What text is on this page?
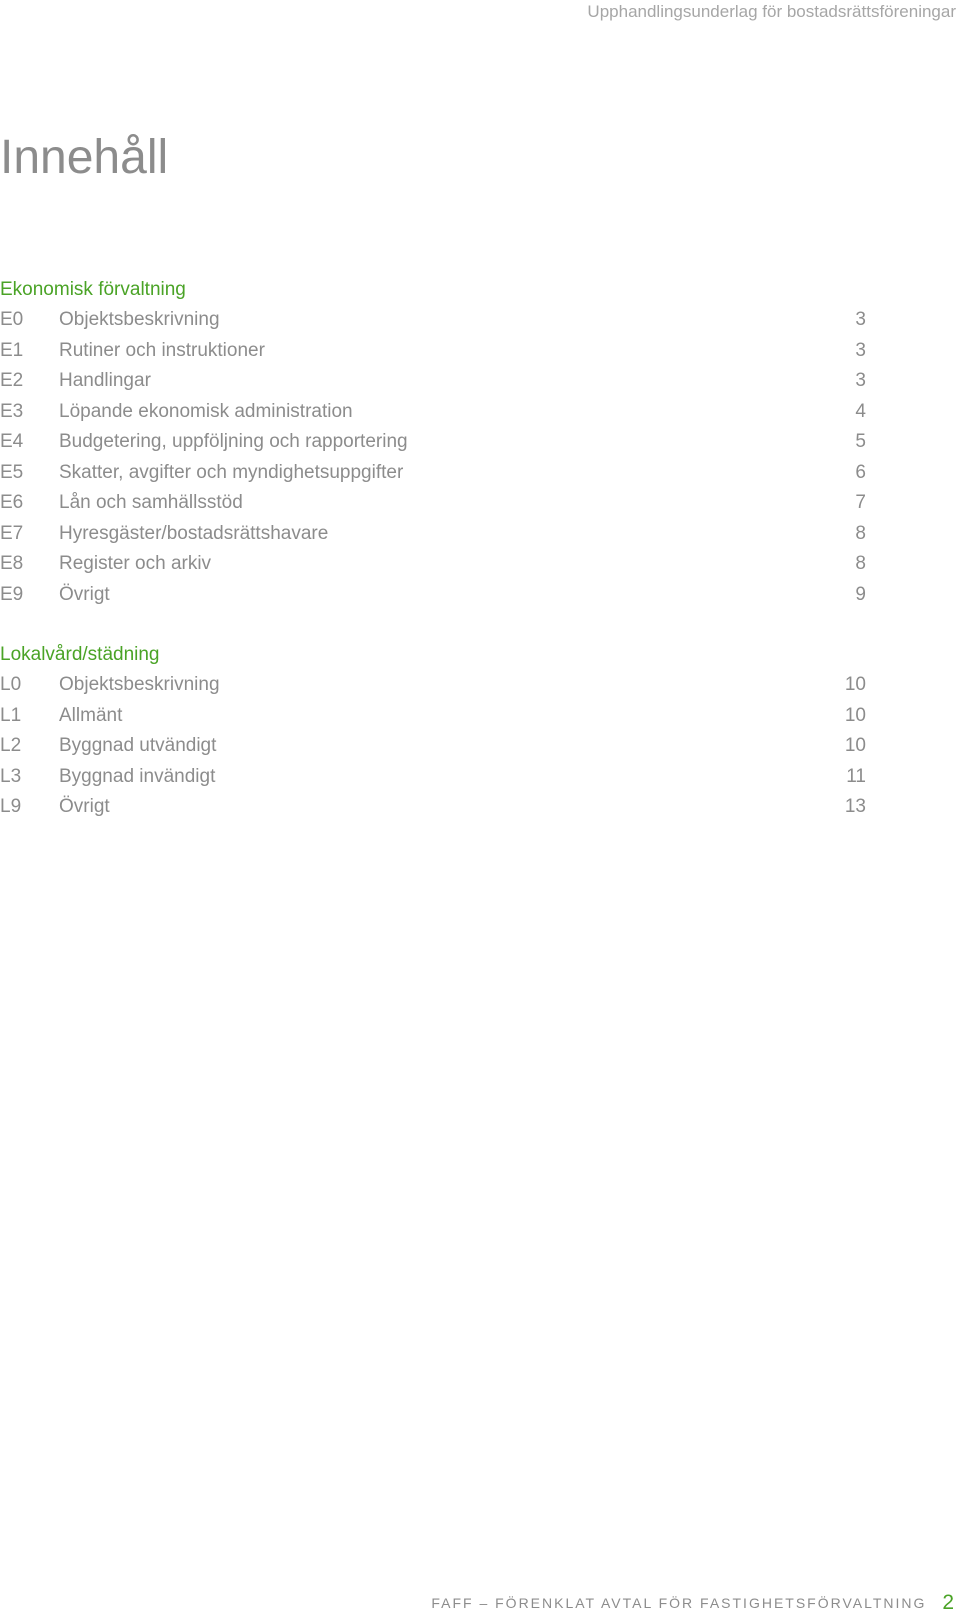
Upphandlingsunderlag för bostadsrättsföreningar
Innehåll
Ekonomisk förvaltning
E0	Objektsbeskrivning	3
E1	Rutiner och instruktioner	3
E2	Handlingar	3
E3	Löpande ekonomisk administration	4
E4	Budgetering, uppföljning och rapportering	5
E5	Skatter, avgifter och myndighetsuppgifter	6
E6	Lån och samhällsstöd	7
E7	Hyresgäster/bostadsrättshavare	8
E8	Register och arkiv	8
E9	Övrigt	9
Lokalvård/städning
L0	Objektsbeskrivning	10
L1	Allmänt	10
L2	Byggnad utvändigt	10
L3	Byggnad invändigt	11
L9	Övrigt	13
FAFF – FÖRENKLAT AVTAL FÖR FASTIGHETSFÖRVALTNING 2
